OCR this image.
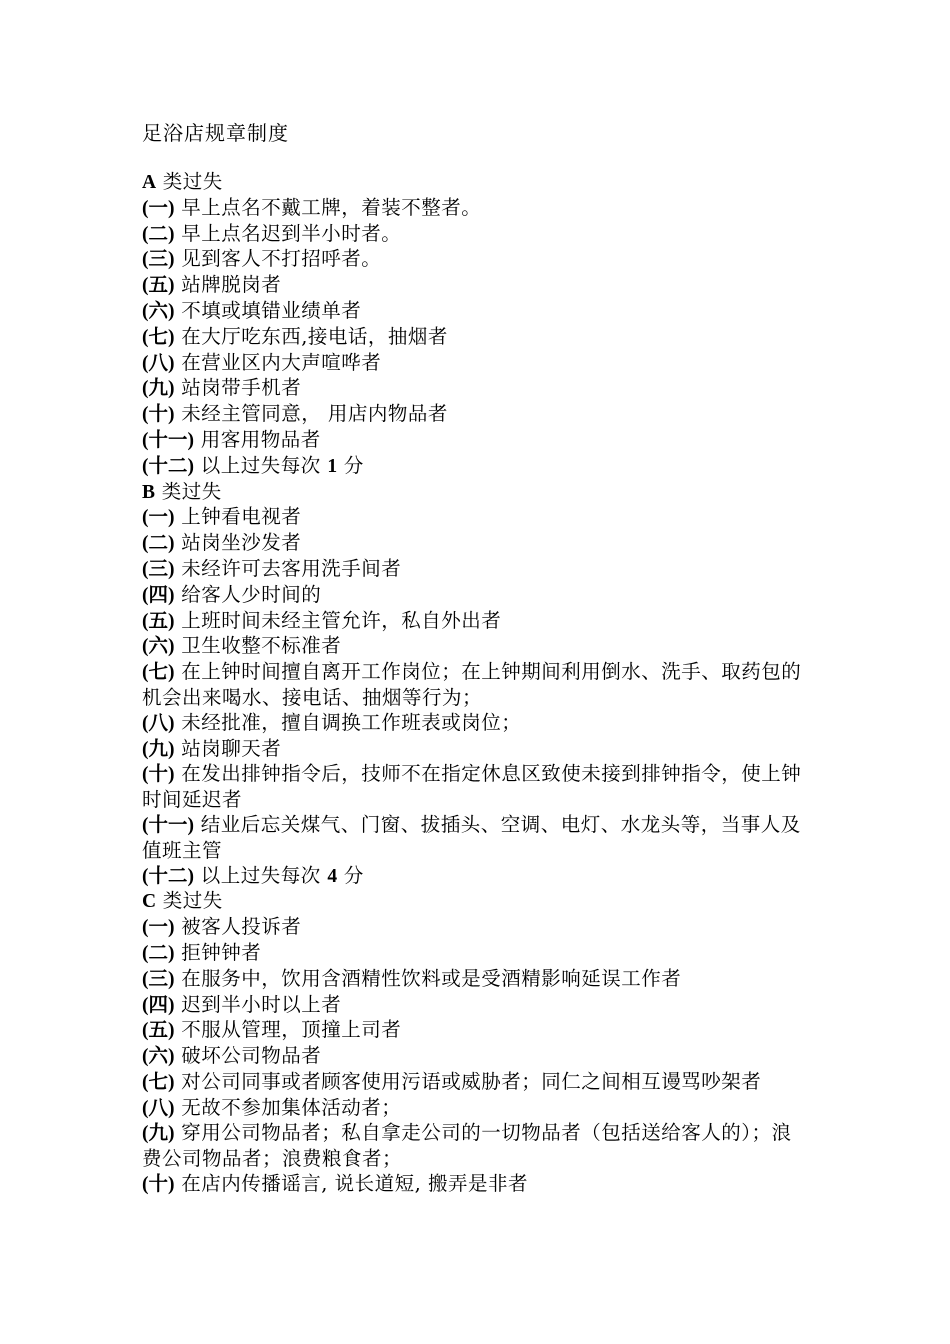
足浴店规章制度
A 类过失
(一) 早上点名不戴工牌，着装不整者。
(二) 早上点名迟到半小时者。
(三) 见到客人不打招呼者。
(五) 站牌脱岗者
(六) 不填或填错业绩单者
(七) 在大厅吃东西,接电话，抽烟者
(八) 在营业区内大声喧哗者
(九) 站岗带手机者
(十) 未经主管同意， 用店内物品者
(十一) 用客用物品者
(十二) 以上过失每次 1 分
B 类过失
(一) 上钟看电视者
(二) 站岗坐沙发者
(三) 未经许可去客用洗手间者
(四) 给客人少时间的
(五) 上班时间未经主管允许，私自外出者
(六) 卫生收整不标准者
(七) 在上钟时间擅自离开工作岗位；在上钟期间利用倒水、洗手、取药包的机会出来喝水、接电话、抽烟等行为；
(八) 未经批准，擅自调换工作班表或岗位；
(九) 站岗聊天者
(十) 在发出排钟指令后，技师不在指定休息区致使未接到排钟指令，使上钟时间延迟者
(十一) 结业后忘关煤气、门窗、拔插头、空调、电灯、水龙头等，当事人及值班主管
(十二) 以上过失每次 4 分
C 类过失
(一) 被客人投诉者
(二) 拒钟钟者
(三) 在服务中，饮用含酒精性饮料或是受酒精影响延误工作者
(四) 迟到半小时以上者
(五) 不服从管理，顶撞上司者
(六) 破坏公司物品者
(七) 对公司同事或者顾客使用污语或威胁者；同仁之间相互谩骂吵架者
(八) 无故不参加集体活动者；
(九) 穿用公司物品者；私自拿走公司的一切物品者（包括送给客人的）；浪费公司物品者；浪费粮食者；
(十) 在店内传播谣言, 说长道短, 搬弄是非者
